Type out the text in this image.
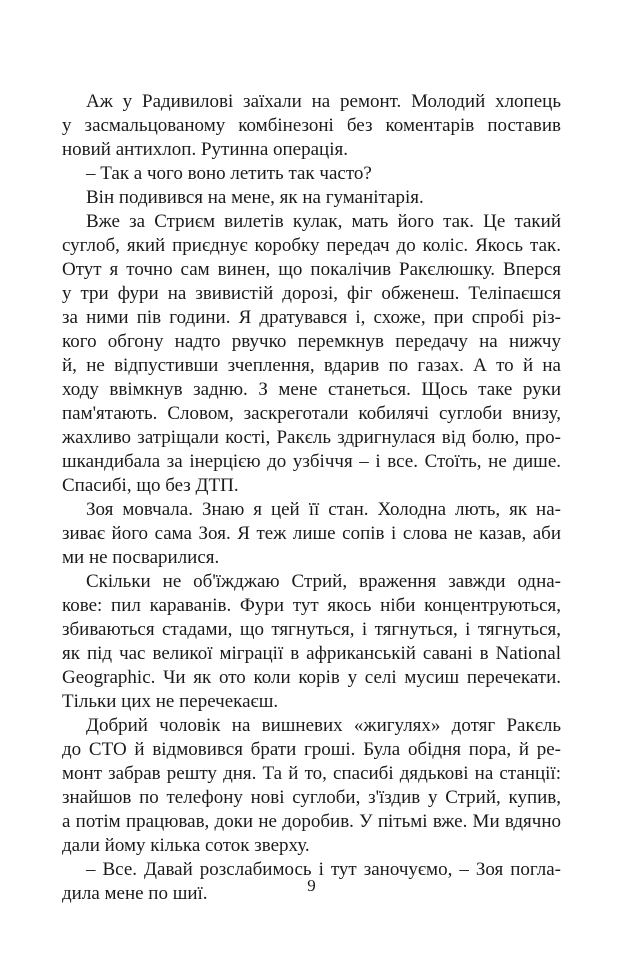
Аж у Радивилові заїхали на ремонт. Молодий хлопець
у засмальцованому комбінезоні без коментарів поставив
новий антихлоп. Рутинна операція.
– Так а чого воно летить так часто?
Він подивився на мене, як на гуманітарія.
Вже за Стриєм вилетів кулак, мать його так. Це такий
суглоб, який приєднує коробку передач до коліс. Якось так.
Отут я точно сам винен, що покалічив Ракєлюшку. Вперся
у три фури на звивистій дорозі, фіг обженеш. Теліпаєшся
за ними пів години. Я дратувався і, схоже, при спробі різ-
кого обгону надто рвучко перемкнув передачу на нижчу
й, не відпустивши зчеплення, вдарив по газах. А то й на
ходу ввімкнув задню. З мене станеться. Щось таке руки
пам'ятають. Словом, заскреготали кобилячі суглоби внизу,
жахливо затріщали кості, Ракєль здригнулася від болю, про-
шкандибала за інерцією до узбіччя – і все. Стоїть, не дише.
Спасибі, що без ДТП.
Зоя мовчала. Знаю я цей її стан. Холодна лють, як на-
зиває його сама Зоя. Я теж лише сопів і слова не казав, аби
ми не посварилися.
Скільки не об'їжджаю Стрий, враження завжди одна-
кове: пил караванів. Фури тут якось ніби концентруються,
збиваються стадами, що тягнуться, і тягнуться, і тягнуться,
як під час великої міграції в африканській савані в National
Geographic. Чи як ото коли корів у селі мусиш перечекати.
Тільки цих не перечекаєш.
Добрий чоловік на вишневих «жигулях» дотяг Ракєль
до СТО й відмовився брати гроші. Була обідня пора, й ре-
монт забрав решту дня. Та й то, спасибі дядькові на станції:
знайшов по телефону нові суглоби, з'їздив у Стрий, купив,
а потім працював, доки не доробив. У пітьмі вже. Ми вдячно
дали йому кілька соток зверху.
– Все. Давай розслабимось і тут заночуємо, – Зоя погла-
дила мене по шиї.	9
